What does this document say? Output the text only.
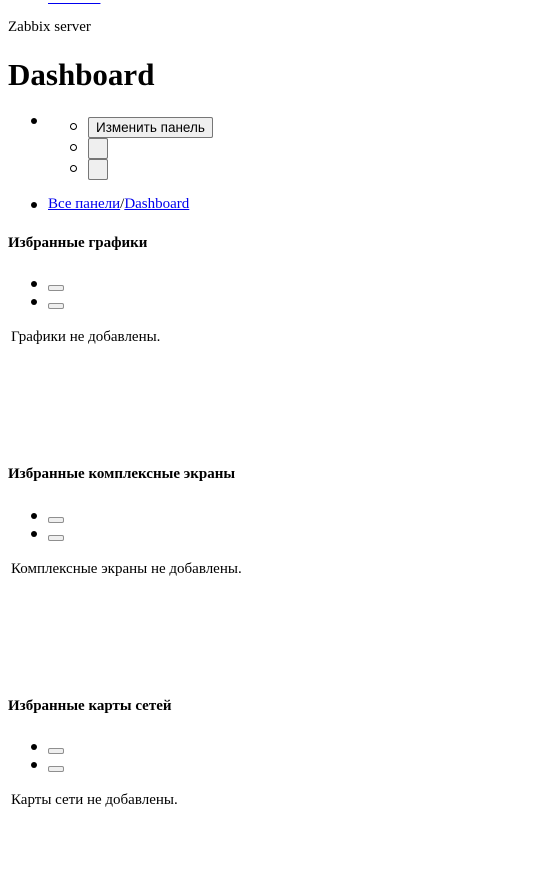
Zabbix server
Dashboard
Изменить панель
Все панели/Dashboard
Избранные графики
Графики не добавлены.
Избранные комплексные экраны
Комплексные экраны не добавлены.
Избранные карты сетей
Карты сети не добавлены.
